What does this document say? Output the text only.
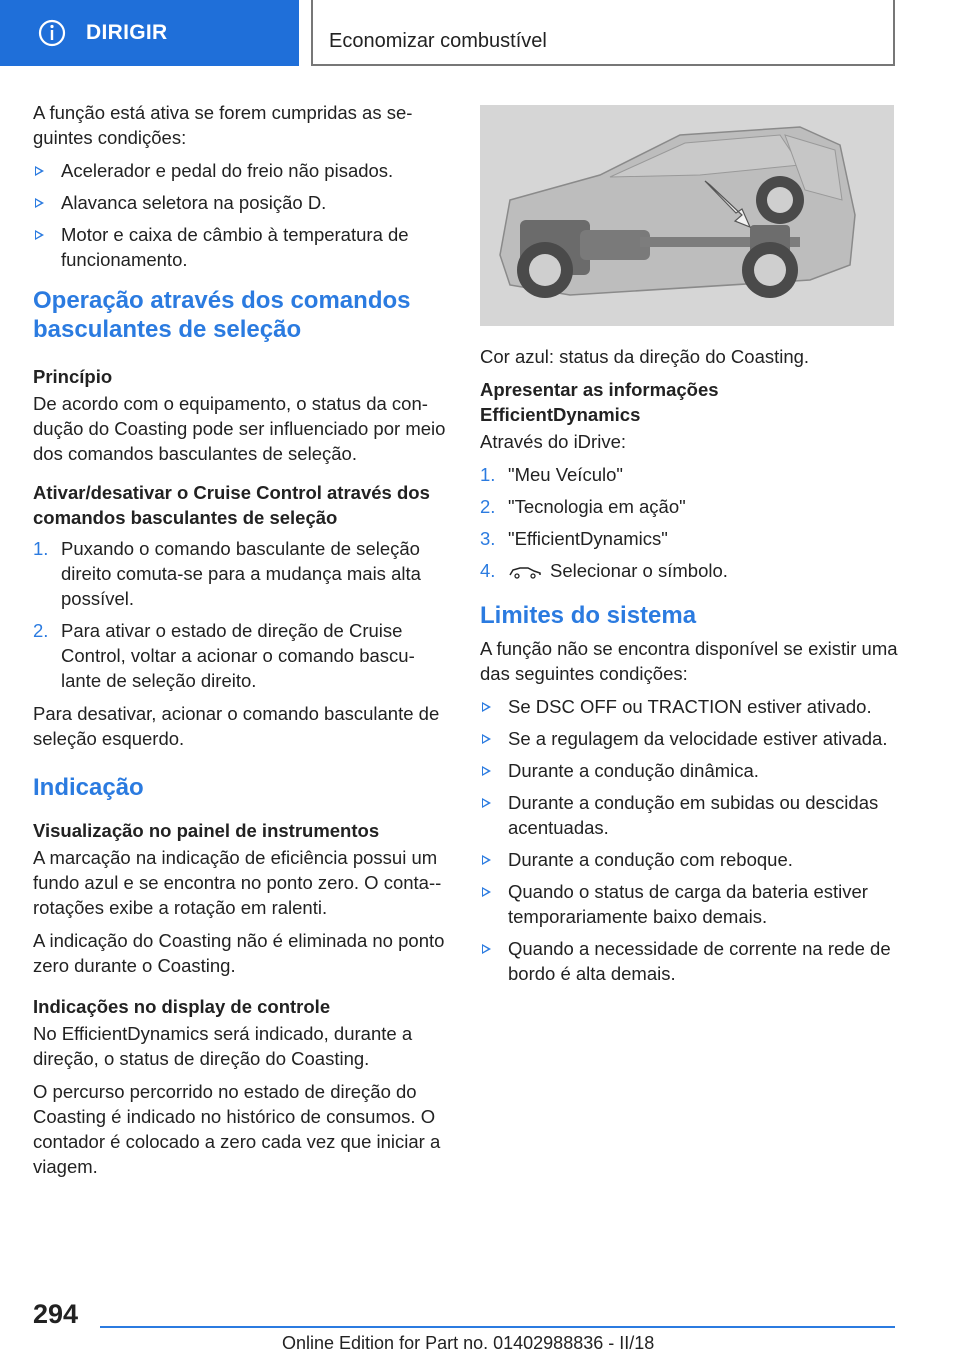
DIRIGIR	Economizar combustível

A função está ativa se forem cumpridas as se‐guintes condições:

Acelerador e pedal do freio não pisados.
Alavanca seletora na posição D.
Motor e caixa de câmbio à temperatura de funcionamento.
Operação através dos comandos basculantes de seleção
Princípio

De acordo com o equipamento, o status da con‐dução do Coasting pode ser influenciado por meio dos comandos basculantes de seleção.

Ativar/desativar o Cruise Control através dos comandos basculantes de seleção
1. Puxando o comando basculante de seleção direito comuta-se para a mudança mais alta possível.
2. Para ativar o estado de direção de Cruise Control, voltar a acionar o comando bascu‐lante de seleção direito.

Para desativar, acionar o comando basculante de seleção esquerdo.

Indicação
Visualização no painel de instrumentos

A marcação na indicação de eficiência possui um fundo azul e se encontra no ponto zero. O conta-‐rotações exibe a rotação em ralenti.

A indicação do Coasting não é eliminada no ponto zero durante o Coasting.

Indicações no display de controle

No EfficientDynamics será indicado, durante a direção, o status de direção do Coasting.

O percurso percorrido no estado de direção do Coasting é indicado no histórico de consumos. O contador é colocado a zero cada vez que iniciar a viagem.

Cor azul: status da direção do Coasting.

Apresentar as informações EfficientDynamics

Através do iDrive:

1. "Meu Veículo"
2. "Tecnologia em ação"
3. "EfficientDynamics"
4.	Selecionar o símbolo.
Limites do sistema

A função não se encontra disponível se existir uma das seguintes condições:

Se DSC OFF ou TRACTION estiver ativado.
Se a regulagem da velocidade estiver ativada.
Durante a condução dinâmica.
Durante a condução em subidas ou descidas acentuadas.
Durante a condução com reboque.
Quando o status de carga da bateria estiver temporariamente baixo demais.
Quando a necessidade de corrente na rede de bordo é alta demais.
294
Online Edition for Part no. 01402988836 - II/18
